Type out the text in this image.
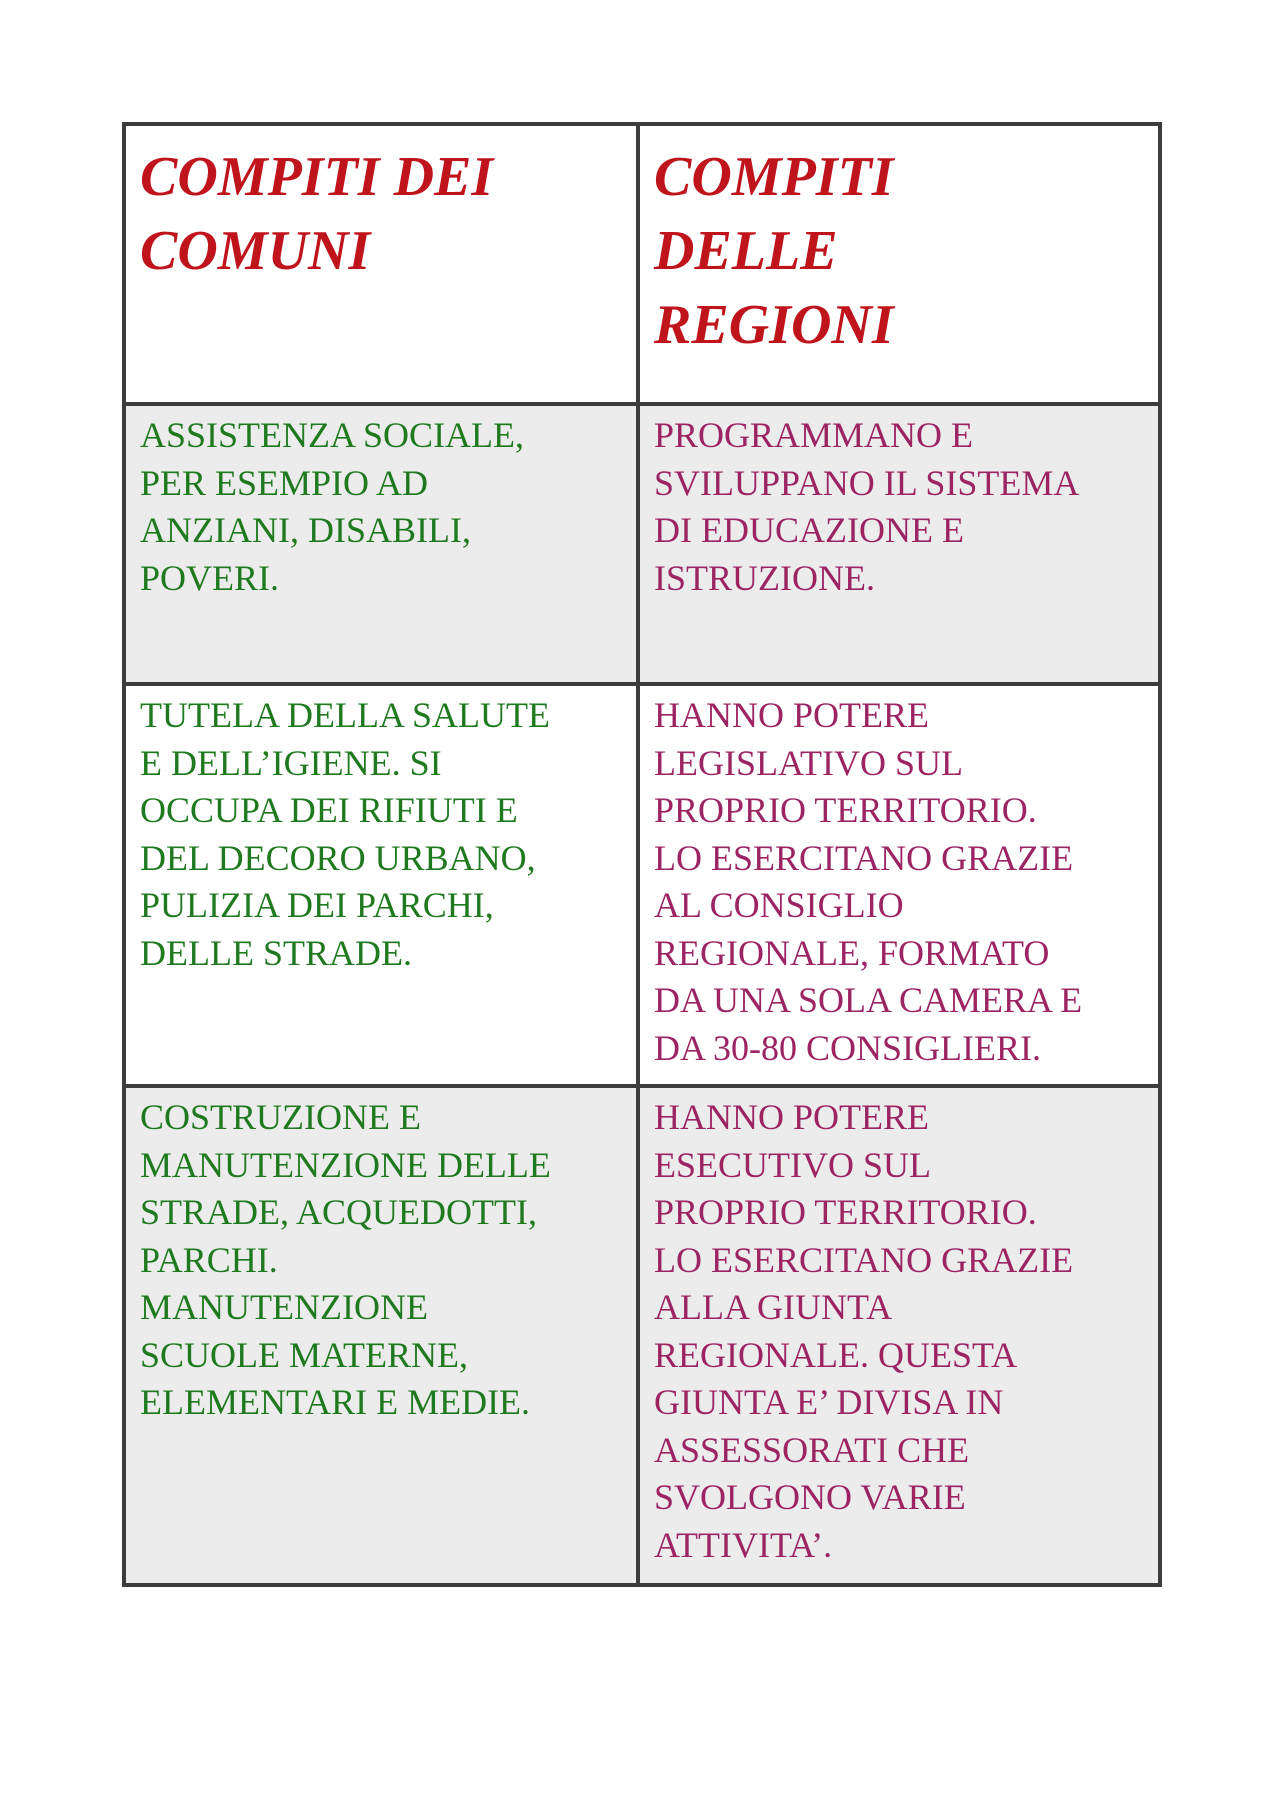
COMPITI DEI
COMUNI
COMPITI
DELLE
REGIONI
ASSISTENZA SOCIALE,
PER ESEMPIO AD
ANZIANI, DISABILI,
POVERI.
PROGRAMMANO E
SVILUPPANO IL SISTEMA
DI EDUCAZIONE E
ISTRUZIONE.
TUTELA DELLA SALUTE
E DELL’IGIENE. SI
OCCUPA DEI RIFIUTI E
DEL DECORO URBANO,
PULIZIA DEI PARCHI,
DELLE STRADE.
HANNO POTERE
LEGISLATIVO SUL
PROPRIO TERRITORIO.
LO ESERCITANO GRAZIE
AL CONSIGLIO
REGIONALE, FORMATO
DA UNA SOLA CAMERA E
DA 30-80 CONSIGLIERI.
COSTRUZIONE E
MANUTENZIONE DELLE
STRADE, ACQUEDOTTI,
PARCHI.
MANUTENZIONE
SCUOLE MATERNE,
ELEMENTARI E MEDIE.
HANNO POTERE
ESECUTIVO SUL
PROPRIO TERRITORIO.
LO ESERCITANO GRAZIE
ALLA GIUNTA
REGIONALE. QUESTA
GIUNTA E’ DIVISA IN
ASSESSORATI CHE
SVOLGONO VARIE
ATTIVITA’.
